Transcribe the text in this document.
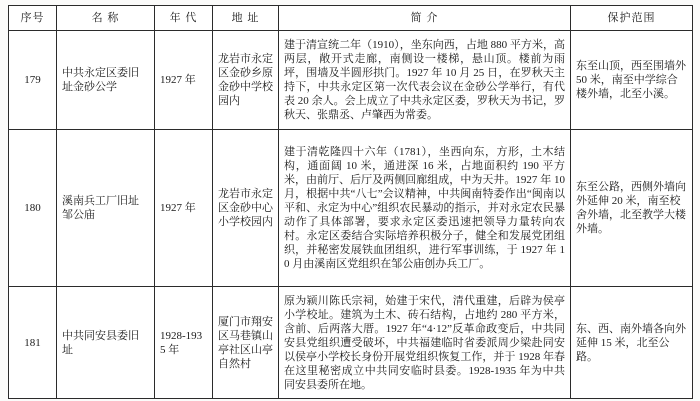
序号	名 称	年 代	地 址	简 介	保护范围
179	中共永定区委旧址金砂公学	1927 年	龙岩市永定区金砂乡原金砂中学校园内	建于清宣统二年（1910），坐东向西，占地 880 平方米，高两层，敞开式走廊，南侧设一楼梯，悬山顶。楼前为雨坪，围墙及半圆形拱门。1927 年 10 月 25 日，在罗秋天主持下，中共永定区第一次代表会议在金砂公学举行，有代表 20 余人。会上成立了中共永定区委，罗秋天为书记，罗秋天、张鼎丞、卢肇西为常委。	东至山顶，西至围墙外 50 米，南至中学综合楼外墙，北至小溪。
180	溪南兵工厂旧址邹公庙	1927 年	龙岩市永定区金砂中心小学校园内	建于清乾隆四十六年（1781），坐西向东，方形，土木结构，通面阔 10 米，通进深 16 米，占地面积约 190 平方米，由前厅、后厅及两侧回廊组成，中为天井。1927 年 10 月，根据中共“八七”会议精神，中共闽南特委作出“闽南以平和、永定为中心”组织农民暴动的指示，并对永定农民暴动作了具体部署，要求永定区委迅速把领导力量转向农村。永定区委结合实际培养积极分子，健全和发展党团组织，并秘密发展铁血团组织，进行军事训练，于 1927 年 10 月由溪南区党组织在邹公庙创办兵工厂。	东至公路，西侧外墙向外延伸 20 米，南至校舍外墙，北至教学大楼外墙。
181	中共同安县委旧址	1928-1935 年	厦门市翔安区马巷镇山亭社区山亭自然村	原为颍川陈氏宗祠，始建于宋代，清代重建，后辟为侯亭小学校址。建筑为土木、砖石结构，占地约 280 平方米，含前、后两落大厝。1927 年“4·12”反革命政变后，中共同安县党组织遭受破坏，中共福建临时省委派周少梁赴同安以侯亭小学校长身份开展党组织恢复工作，并于 1928 年春在这里秘密成立中共同安临时县委。1928-1935 年为中共同安县委所在地。	东、西、南外墙各向外延伸 15 米，北至公路。
